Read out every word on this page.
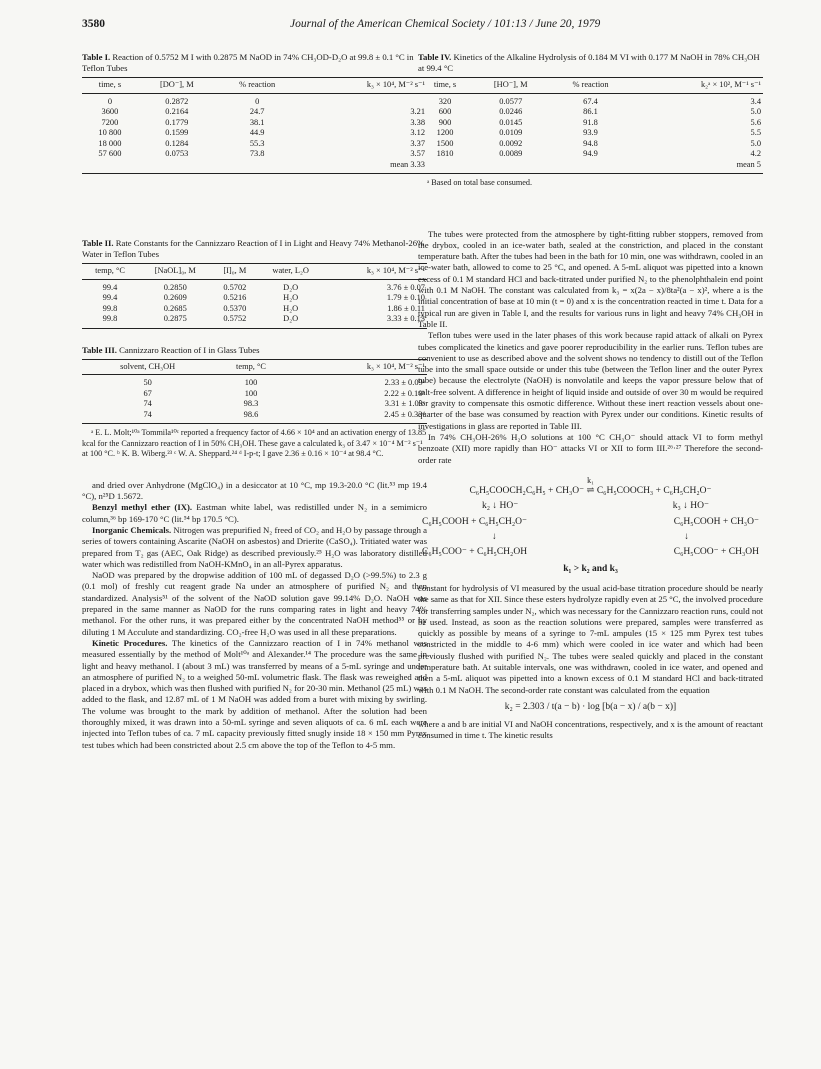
3580	Journal of the American Chemical Society / 101:13 / June 20, 1979
Table I. Reaction of 0.5752 M I with 0.2875 M NaOD in 74% CH₃OD-D₂O at 99.8 ± 0.1 °C in Teflon Tubes
time, s	[DO⁻], M	% reaction	k₃ × 10⁴, M⁻² s⁻¹
0	0.2872	0	
3600	0.2164	24.7	3.21
7200	0.1779	38.1	3.38
10 800	0.1599	44.9	3.12
18 000	0.1284	55.3	3.37
57 600	0.0753	73.8	3.57
			mean 3.33
Table II. Rate Constants for the Cannizzaro Reaction of I in Light and Heavy 74% Methanol-26% Water in Teflon Tubes
temp, °C	[NaOL]₀, M	[I]₀, M	water, L₂O	k₃ × 10⁴, M⁻² s⁻¹
99.4	0.2850	0.5702	D₂O	3.76 ± 0.07
99.4	0.2609	0.5216	H₂O	1.79 ± 0.10
99.8	0.2685	0.5370	H₂O	1.86 ± 0.11
99.8	0.2875	0.5752	D₂O	3.33 ± 0.13
Table III. Cannizzaro Reaction of I in Glass Tubes
solvent, CH₃OH	temp, °C	k₃ × 10⁴, M⁻² s⁻¹
50	100	2.33 ± 0.09ᵃ
67	100	2.22 ± 0.10ᵇ
74	98.3	3.31 ± 1.03ᶜ
74	98.6	2.45 ± 0.33ᵈ
ᵃ E. L. Molt;¹⁰ᵃ Tommila¹⁰ᶜ reported a frequency factor of 4.66 × 10⁴ and an activation energy of 13.85 kcal for the Cannizzaro reaction of I in 50% CH₃OH. These gave a calculated k₃ of 3.47 × 10⁻⁴ M⁻² s⁻¹ at 100 °C. ᵇ K. B. Wiberg.²³ ᶜ W. A. Sheppard.²⁴ ᵈ I-p-t; I gave 2.36 ± 0.16 × 10⁻⁴ at 98.4 °C.

and dried over Anhydrone (MgClO₄) in a desiccator at 10 °C, mp 19.3-20.0 °C (lit.⁵³ mp 19.4 °C), n²⁵D 1.5672.

Benzyl methyl ether (IX). Eastman white label, was redistilled under N₂ in a semimicro column,³⁶ bp 169-170 °C (lit.⁵⁴ bp 170.5 °C).

Inorganic Chemicals. Nitrogen was prepurified N₂ freed of CO₂ and H₂O by passage through a series of towers containing Ascarite (NaOH on asbestos) and Drierite (CaSO₄). Tritiated water was prepared from T₂ gas (AEC, Oak Ridge) as described previously.²⁵ H₂O was laboratory distilled water which was redistilled from NaOH-KMnO₄ in an all-Pyrex apparatus.

NaOD was prepared by the dropwise addition of 100 mL of degassed D₂O (>99.5%) to 2.3 g (0.1 mol) of freshly cut reagent grade Na under an atmosphere of purified N₂ and then standardized. Analysis⁵¹ of the solvent of the NaOD solution gave 99.14% D₂O. NaOH was prepared in the same manner as NaOD for the runs comparing rates in light and heavy 74% methanol. For the other runs, it was prepared either by the concentrated NaOH method⁵⁵ or by diluting 1 M Acculute and standardizing. CO₂-free H₂O was used in all these preparations.

Kinetic Procedures. The kinetics of the Cannizzaro reaction of I in 74% methanol was measured essentially by the method of Molt¹⁰ᵃ and Alexander.¹⁴ The procedure was the same in light and heavy methanol. I (about 3 mL) was transferred by means of a 5-mL syringe and under an atmosphere of purified N₂ to a weighed 50-mL volumetric flask. The flask was reweighed and placed in a drybox, which was then flushed with purified N₂ for 20-30 min. Methanol (25 mL) was added to the flask, and 12.87 mL of 1 M NaOH was added from a buret with mixing by swirling. The volume was brought to the mark by addition of methanol. After the solution had been thoroughly mixed, it was drawn into a 50-mL syringe and seven aliquots of ca. 6 mL each were injected into Teflon tubes of ca. 7 mL capacity previously fitted snugly inside 18 × 150 mm Pyrex test tubes which had been constricted about 2.5 cm above the top of the Teflon to 4-5 mm.

Table IV. Kinetics of the Alkaline Hydrolysis of 0.184 M VI with 0.177 M NaOH in 78% CH₃OH at 99.4 °C
time, s	[HO⁻], M	% reaction	k₂ᵃ × 10², M⁻¹ s⁻¹
320	0.0577	67.4	3.4
600	0.0246	86.1	5.0
900	0.0145	91.8	5.6
1200	0.0109	93.9	5.5
1500	0.0092	94.8	5.0
1810	0.0089	94.9	4.2
			mean 5
ᵃ Based on total base consumed.

The tubes were protected from the atmosphere by tight-fitting rubber stoppers, removed from the drybox, cooled in an ice-water bath, sealed at the constriction, and placed in the constant temperature bath. After the tubes had been in the bath for 10 min, one was withdrawn, cooled in an ice-water bath, allowed to come to 25 °C, and opened. A 5-mL aliquot was pipetted into a known excess of 0.1 M standard HCl and back-titrated under purified N₂ to the phenolphthalein end point with 0.1 M NaOH. The constant was calculated from k₃ = x(2a − x)/8ta²(a − x)², where a is the initial concentration of base at 10 min (t = 0) and x is the concentration reacted in time t. Data for a typical run are given in Table I, and the results for various runs in light and heavy 74% CH₃OH in Table II.

Teflon tubes were used in the later phases of this work because rapid attack of alkali on Pyrex tubes complicated the kinetics and gave poorer reproducibility in the earlier runs. Teflon tubes are convenient to use as described above and the solvent shows no tendency to distill out of the Teflon tube into the small space outside or under this tube (between the Teflon liner and the outer Pyrex tube) because the electrolyte (NaOH) is nonvolatile and keeps the vapor pressure below that of salt-free solvent. A difference in height of liquid inside and outside of over 30 m would be required for gravity to compensate this osmotic difference. Without these inert reaction vessels about one-quarter of the base was consumed by reaction with Pyrex under our conditions. Kinetic results of investigations in glass are reported in Table III.

In 74% CH₃OH-26% H₂O solutions at 100 °C CH₃O⁻ should attack VI to form methyl benzoate (XII) more rapidly than HO⁻ attacks VI or XII to form III.²⁶·²⁷ Therefore the second-order rate

k₁
C₆H₅COOCH₂C₆H₅ + CH₃O⁻ ⇌ C₆H₅COOCH₃ + C₆H₅CH₂O⁻
k₂ ↓ HO⁻	k₃ ↓ HO⁻
C₆H₅COOH + C₆H₅CH₂O⁻	C₆H₅COOH + CH₃O⁻
↓	↓
C₆H₅COO⁻ + C₆H₅CH₂OH	C₆H₅COO⁻ + CH₃OH
k₁ > k₂ and k₃

constant for hydrolysis of VI measured by the usual acid-base titration procedure should be nearly the same as that for XII. Since these esters hydrolyze rapidly even at 25 °C, the involved procedure for transferring samples under N₂, which was necessary for the Cannizzaro reaction runs, could not be used. Instead, as soon as the reaction solutions were prepared, samples were transferred as quickly as possible by means of a syringe to 7-mL ampules (15 × 125 mm Pyrex test tubes constricted in the middle to 4-6 mm) which were cooled in ice water and which had been previously flushed with purified N₂. The tubes were sealed quickly and placed in the constant temperature bath. At suitable intervals, one was withdrawn, cooled in ice water, and opened and then a 5-mL aliquot was pipetted into a known excess of 0.1 M standard HCl and back-titrated with 0.1 M NaOH. The second-order rate constant was calculated from the equation

k₂ = 2.303 / t(a − b) · log [b(a − x) / a(b − x)]

where a and b are initial VI and NaOH concentrations, respectively, and x is the amount of reactant consumed in time t. The kinetic results
